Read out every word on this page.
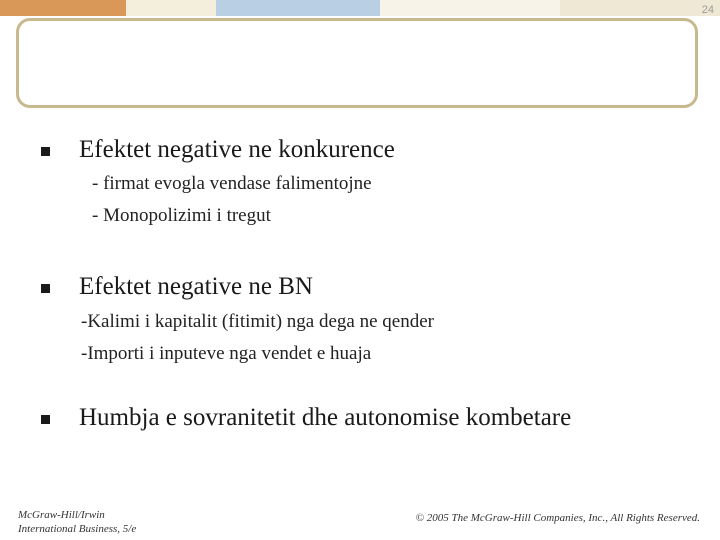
24
Efektet negative ne konkurence
- firmat evogla vendase falimentojne
- Monopolizimi i tregut
Efektet negative ne BN
-Kalimi i kapitalit (fitimit) nga dega ne qender
-Importi i inputeve nga vendet e huaja
Humbja e sovranitetit dhe autonomise kombetare
McGraw-Hill/Irwin
International Business, 5/e
© 2005 The McGraw-Hill Companies, Inc., All Rights Reserved.
